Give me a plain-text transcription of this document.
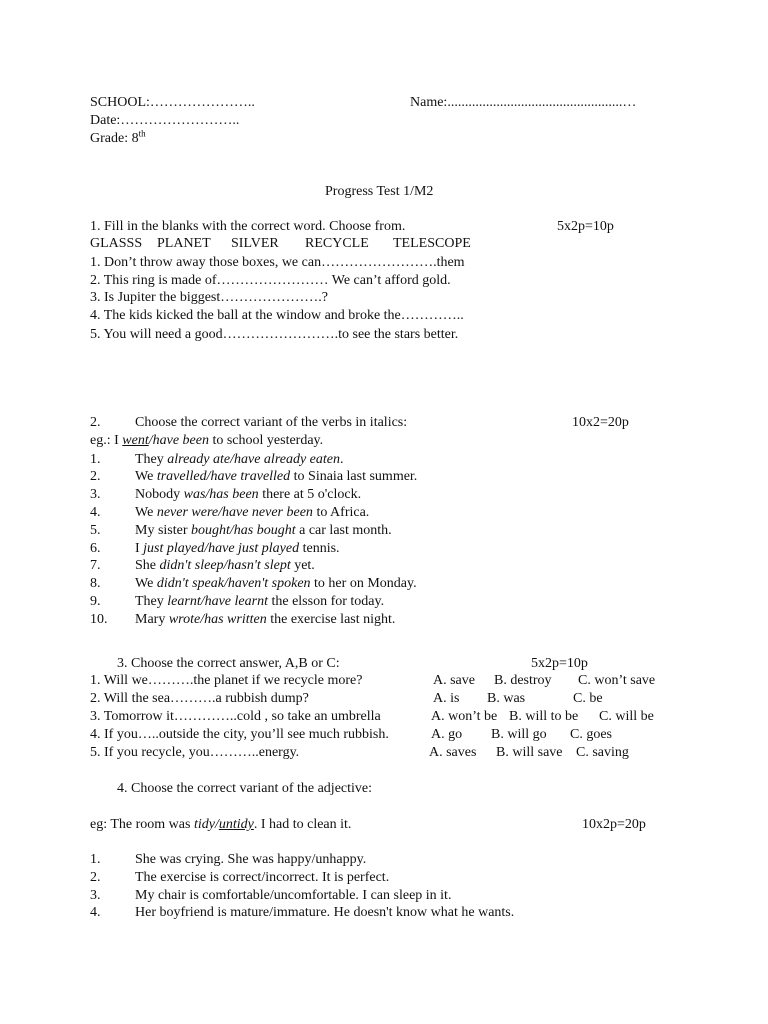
SCHOOL:…………………..	Name:..................................................…
Date:……………………..
Grade: 8th
Progress Test 1/M2
1. Fill in the blanks with the correct word. Choose from.	5x2p=10p
GLASSS PLANET SILVER RECYCLE TELESCOPE
1. Don’t throw away those boxes, we can…………………….them
2. This ring is made of…………………… We can’t afford gold.
3. Is Jupiter the biggest………………….?
4. The kids kicked the ball at the window and broke the…………..
5. You will need a good…………………….to see the stars better.
2. Choose the correct variant of the verbs in italics:	10x2=20p
eg.: I went/have been to school yesterday.
1. They already ate/have already eaten.
2. We travelled/have travelled to Sinaia last summer.
3. Nobody was/has been there at 5 o'clock.
4. We never were/have never been to Africa.
5. My sister bought/has bought a car last month.
6. I just played/have just played tennis.
7. She didn't sleep/hasn't slept yet.
8. We didn't speak/haven't spoken to her on Monday.
9. They learnt/have learnt the elsson for today.
10. Mary wrote/has written the exercise last night.
3. Choose the correct answer, A,B or C:	5x2p=10p
1. Will we……….the planet if we recycle more?	A. save B. destroy C. won’t save
2. Will the sea……….a rubbish dump?	A. is B. was	C. be
3. Tomorrow it…………..cold , so take an umbrella	A. won’t be B. will to be C. will be
4. If you…..outside the city, you’ll see much rubbish.	A. go B. will go C. goes
5. If you recycle, you………..energy.	A. saves B. will save C. saving
4. Choose the correct variant of the adjective:
eg: The room was tidy/untidy. I had to clean it.	10x2p=20p
1. She was crying. She was happy/unhappy.
2. The exercise is correct/incorrect. It is perfect.
3. My chair is comfortable/uncomfortable. I can sleep in it.
4. Her boyfriend is mature/immature. He doesn't know what he wants.
